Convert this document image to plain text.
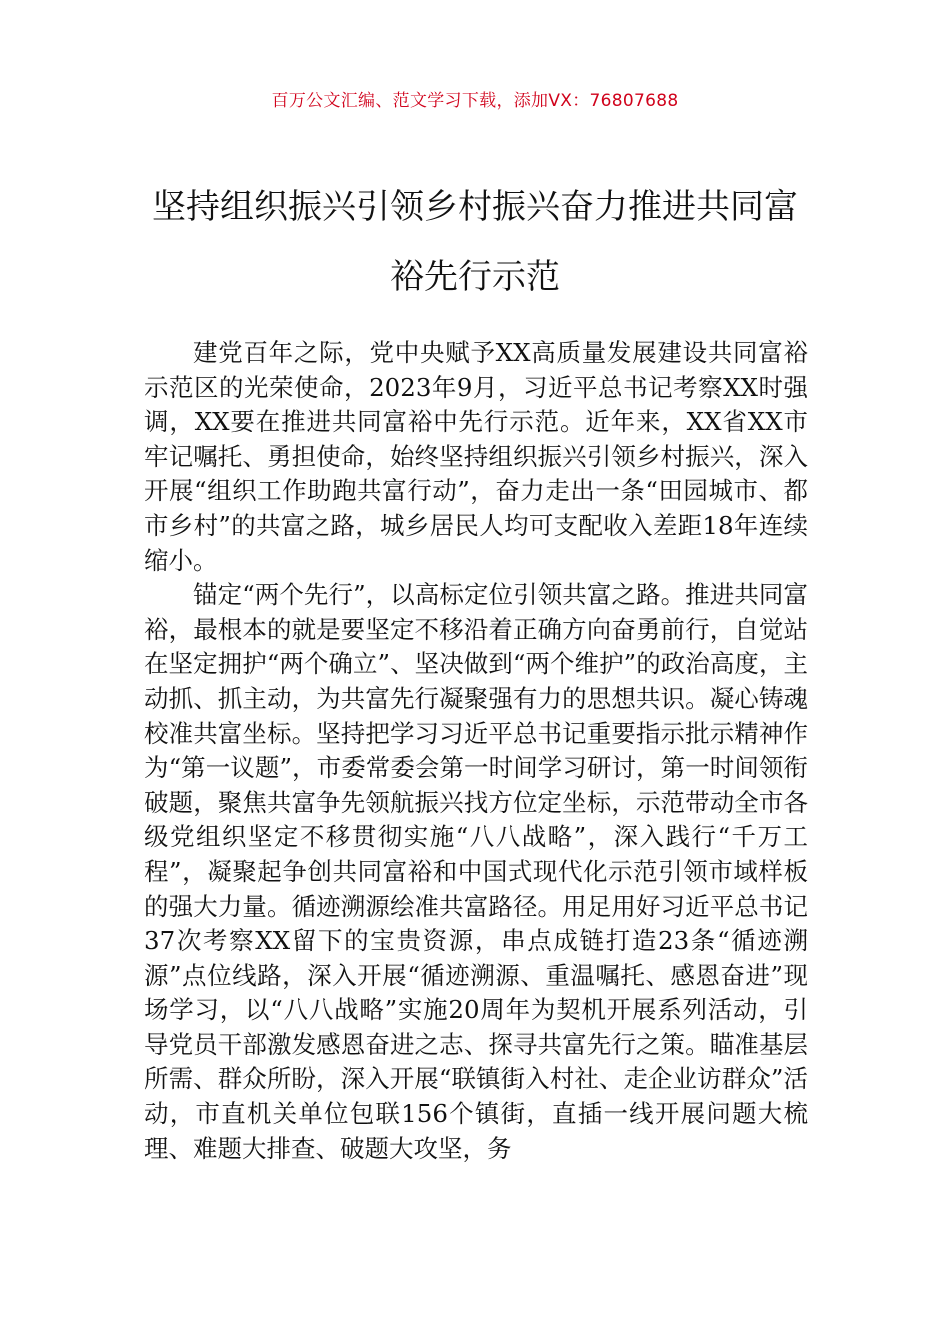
百万公文汇编、范文学习下载，添加VX：76807688
坚持组织振兴引领乡村振兴奋力推进共同富裕先行示范

建党百年之际，党中央赋予XX高质量发展建设共同富裕示范区的光荣使命，2023年9月，习近平总书记考察XX时强调，XX要在推进共同富裕中先行示范。近年来，XX省XX市牢记嘱托、勇担使命，始终坚持组织振兴引领乡村振兴，深入开展“组织工作助跑共富行动”，奋力走出一条“田园城市、都市乡村”的共富之路，城乡居民人均可支配收入差距18年连续缩小。

锚定“两个先行”，以高标定位引领共富之路。推进共同富裕，最根本的就是要坚定不移沿着正确方向奋勇前行，自觉站在坚定拥护“两个确立”、坚决做到“两个维护”的政治高度，主动抓、抓主动，为共富先行凝聚强有力的思想共识。凝心铸魂校准共富坐标。坚持把学习习近平总书记重要指示批示精神作为“第一议题”，市委常委会第一时间学习研讨，第一时间领衔破题，聚焦共富争先领航振兴找方位定坐标，示范带动全市各级党组织坚定不移贯彻实施“八八战略”，深入践行“千万工程”，凝聚起争创共同富裕和中国式现代化示范引领市域样板的强大力量。循迹溯源绘准共富路径。用足用好习近平总书记37次考察XX留下的宝贵资源，串点成链打造23条“循迹溯源”点位线路，深入开展“循迹溯源、重温嘱托、感恩奋进”现场学习，以“八八战略”实施20周年为契机开展系列活动，引导党员干部激发感恩奋进之志、探寻共富先行之策。瞄准基层所需、群众所盼，深入开展“联镇街入村社、走企业访群众”活动，市直机关单位包联156个镇街，直插一线开展问题大梳理、难题大排查、破题大攻坚，务
